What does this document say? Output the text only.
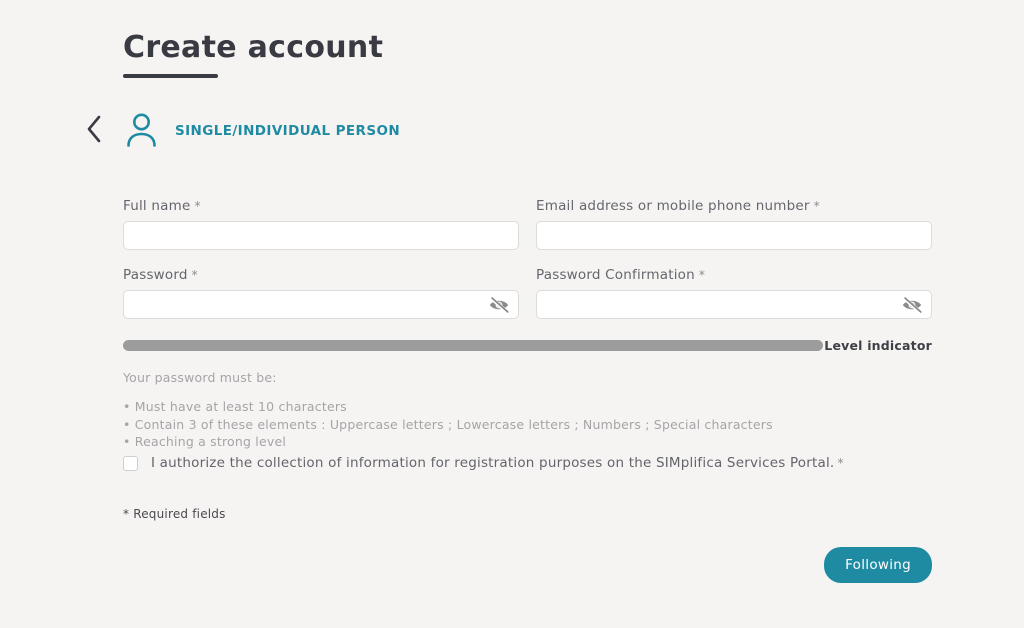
Create account
SINGLE/INDIVIDUAL PERSON
Full name *	Email address or mobile phone number *
Password *	Password Confirmation *
Level indicator
Your password must be:
• Must have at least 10 characters
• Contain 3 of these elements : Uppercase letters ; Lowercase letters ; Numbers ; Special characters
• Reaching a strong level
I authorize the collection of information for registration purposes on the SIMplifica Services Portal. *
* Required fields
Following
